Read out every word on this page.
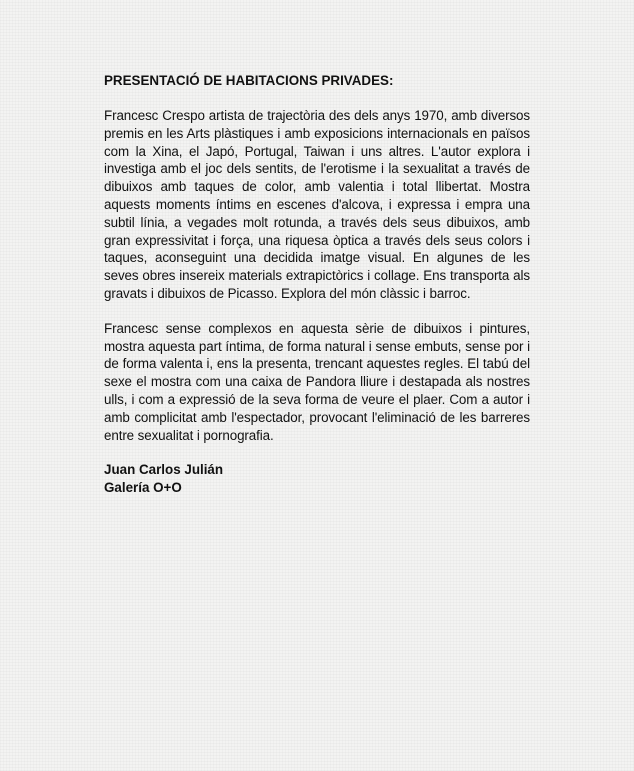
PRESENTACIÓ DE HABITACIONS PRIVADES:

Francesc Crespo artista de trajectòria des dels anys 1970, amb diversos premis en les Arts plàstiques i amb exposicions internacionals en països com la Xina, el Japó, Portugal, Taiwan i uns altres. L'autor explora i investiga amb el joc dels sentits, de l'erotisme i la sexualitat a través de dibuixos amb taques de color, amb valentia i total llibertat. Mostra aquests moments íntims en escenes d'alcova, i expressa i empra una subtil línia, a vegades molt rotunda, a través dels seus dibuixos, amb gran expressivitat i força, una riquesa òptica a través dels seus colors i taques, aconseguint una decidida imatge visual. En algunes de les seves obres insereix materials extrapictòrics i collage. Ens transporta als gravats i dibuixos de Picasso. Explora del món clàssic i barroc.

Francesc sense complexos en aquesta sèrie de dibuixos i pintures, mostra aquesta part íntima, de forma natural i sense embuts, sense por i de forma valenta i, ens la presenta, trencant aquestes regles. El tabú del sexe el mostra com una caixa de Pandora lliure i destapada als nostres ulls, i com a expressió de la seva forma de veure el plaer. Com a autor i amb complicitat amb l'espectador, provocant l'eliminació de les barreres entre sexualitat i pornografia.

Juan Carlos Julián
Galería O+O
